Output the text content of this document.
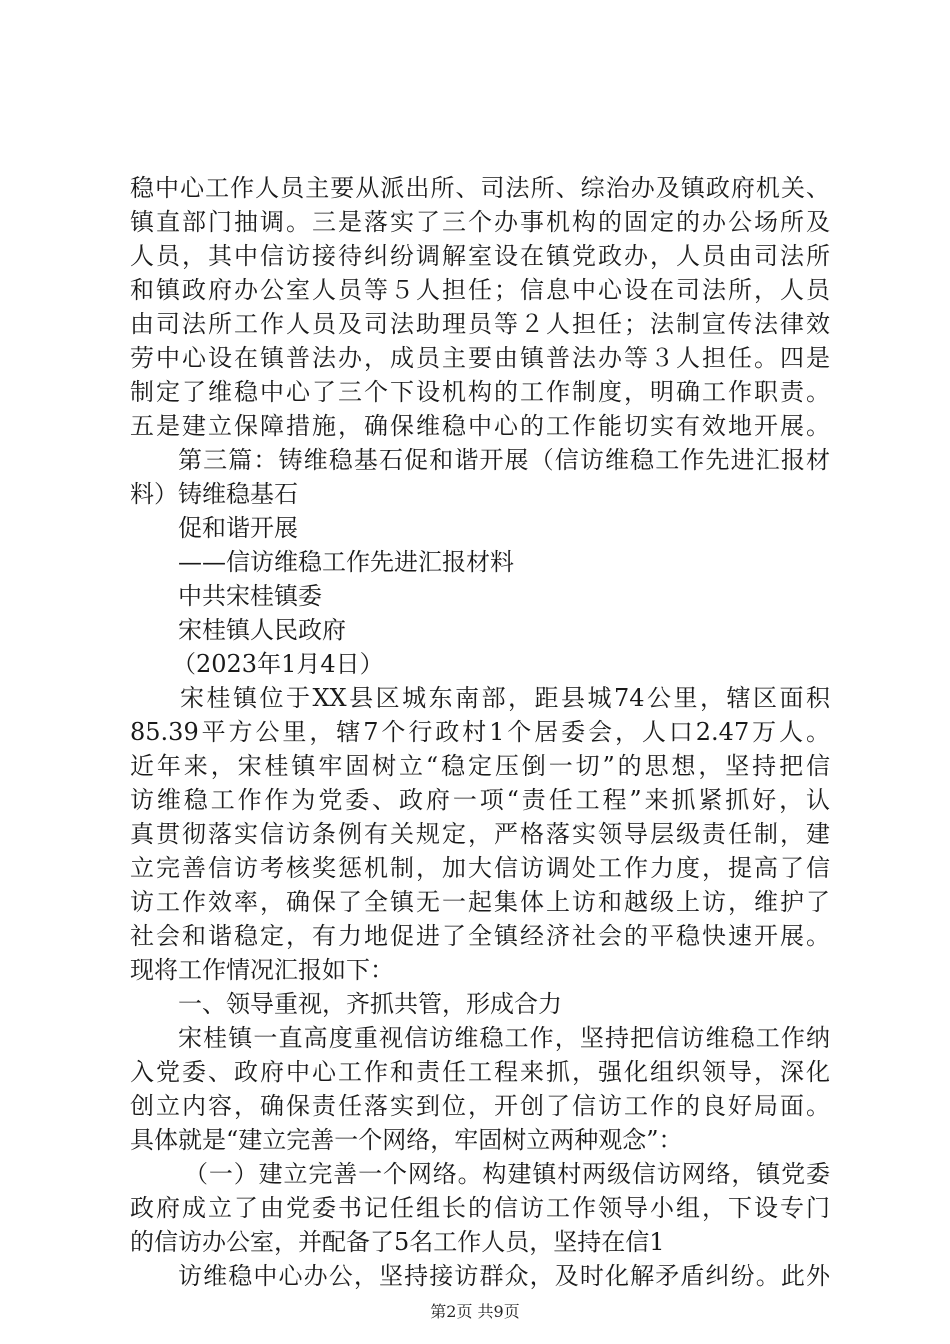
稳中心工作人员主要从派出所、司法所、综治办及镇政府机关、
镇直部门抽调。三是落实了三个办事机构的固定的办公场所及
人员，其中信访接待纠纷调解室设在镇党政办，人员由司法所
和镇政府办公室人员等５人担任；信息中心设在司法所，人员
由司法所工作人员及司法助理员等２人担任；法制宣传法律效
劳中心设在镇普法办，成员主要由镇普法办等３人担任。四是
制定了维稳中心了三个下设机构的工作制度，明确工作职责。
五是建立保障措施，确保维稳中心的工作能切实有效地开展。
第三篇：铸维稳基石促和谐开展（信访维稳工作先进汇报材
料）铸维稳基石
促和谐开展
——信访维稳工作先进汇报材料
中共宋桂镇委
宋桂镇人民政府
（2023年1月4日）
宋桂镇位于XX县区城东南部，距县城74公里，辖区面积
85.39平方公里，辖7个行政村1个居委会，人口2.47万人。
近年来，宋桂镇牢固树立“稳定压倒一切”的思想，坚持把信
访维稳工作作为党委、政府一项“责任工程”来抓紧抓好，认
真贯彻落实信访条例有关规定，严格落实领导层级责任制，建
立完善信访考核奖惩机制，加大信访调处工作力度，提高了信
访工作效率，确保了全镇无一起集体上访和越级上访，维护了
社会和谐稳定，有力地促进了全镇经济社会的平稳快速开展。
现将工作情况汇报如下：
一、领导重视，齐抓共管，形成合力
宋桂镇一直高度重视信访维稳工作，坚持把信访维稳工作纳
入党委、政府中心工作和责任工程来抓，强化组织领导，深化
创立内容，确保责任落实到位，开创了信访工作的良好局面。
具体就是“建立完善一个网络，牢固树立两种观念”：
（一）建立完善一个网络。构建镇村两级信访网络，镇党委
政府成立了由党委书记任组长的信访工作领导小组，下设专门
的信访办公室，并配备了5名工作人员，坚持在信1
访维稳中心办公，坚持接访群众，及时化解矛盾纠纷。此外
第2页 共9页
